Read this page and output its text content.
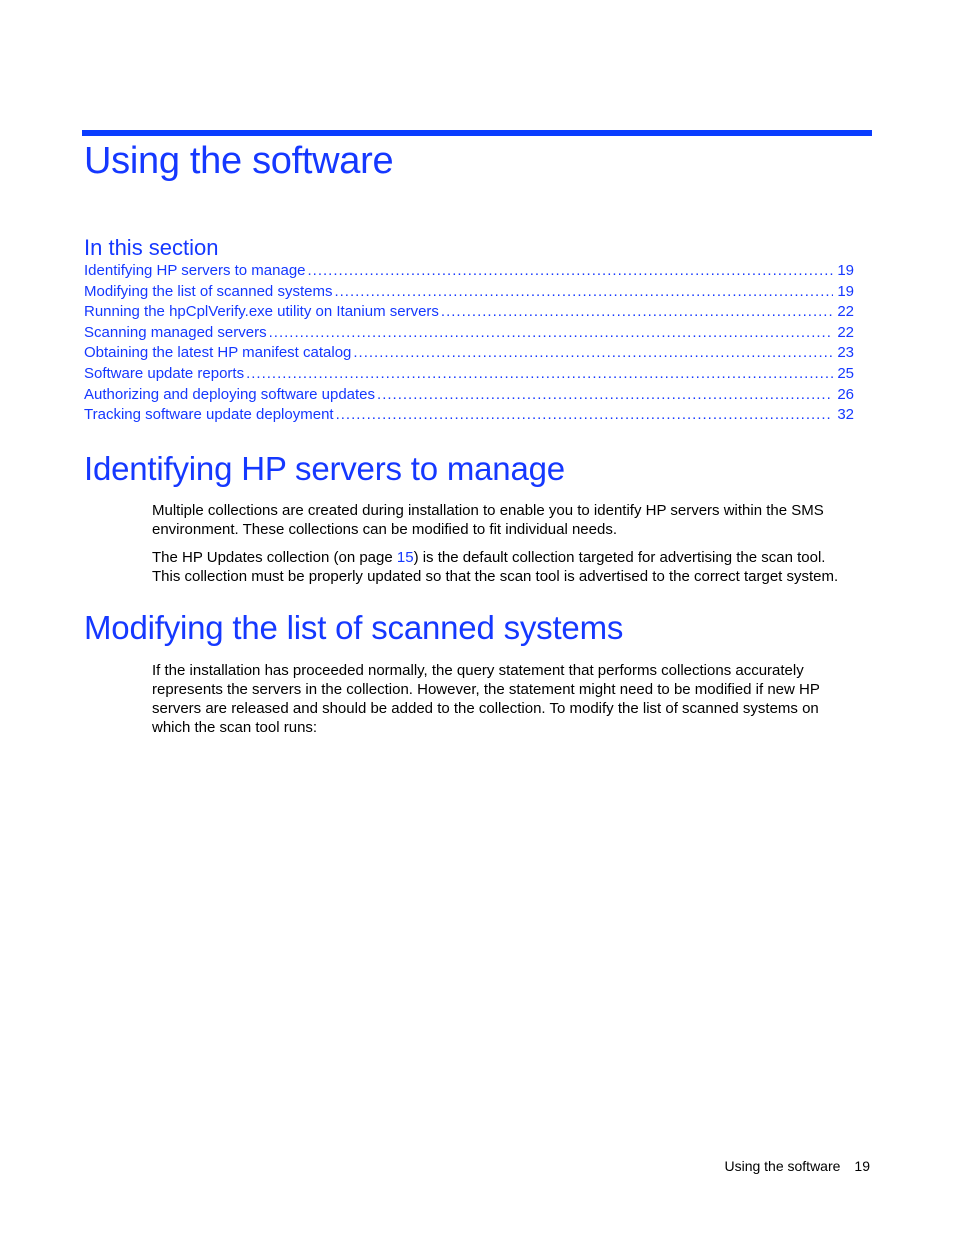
Using the software
In this section
Identifying HP servers to manage .....	19
Modifying the list of scanned systems .....	19
Running the hpCplVerify.exe utility on Itanium servers .....	22
Scanning managed servers .....	22
Obtaining the latest HP manifest catalog .....	23
Software update reports .....	25
Authorizing and deploying software updates .....	26
Tracking software update deployment .....	32
Identifying HP servers to manage

Multiple collections are created during installation to enable you to identify HP servers within the SMS environment. These collections can be modified to fit individual needs.

The HP Updates collection (on page 15) is the default collection targeted for advertising the scan tool. This collection must be properly updated so that the scan tool is advertised to the correct target system.

Modifying the list of scanned systems

If the installation has proceeded normally, the query statement that performs collections accurately represents the servers in the collection. However, the statement might need to be modified if new HP servers are released and should be added to the collection. To modify the list of scanned systems on which the scan tool runs:

Using the software 19
